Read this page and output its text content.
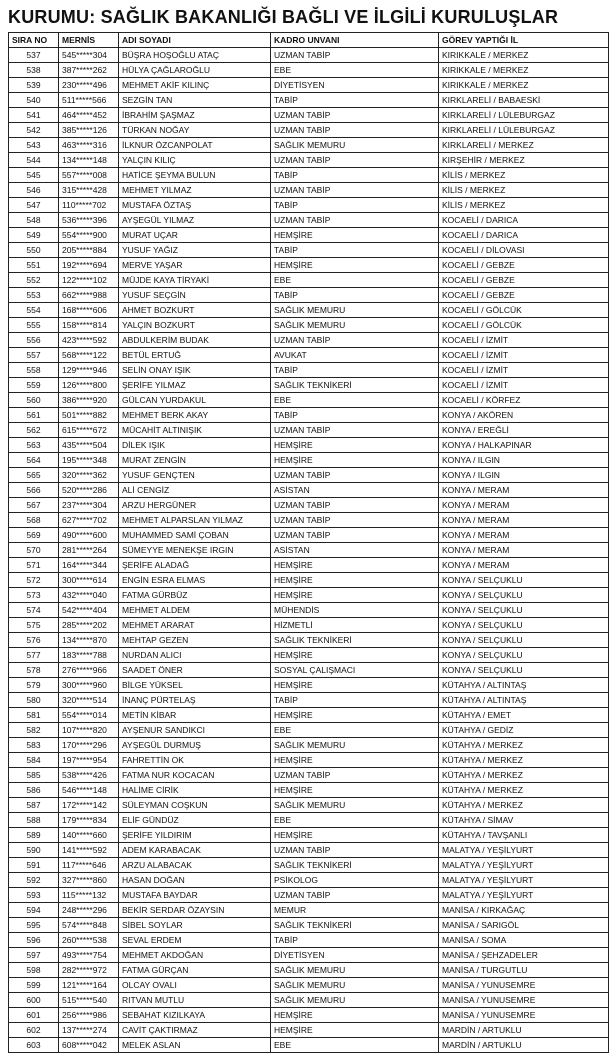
KURUMU: SAĞLIK BAKANLIĞI BAĞLI VE İLGİLİ KURULUŞLAR
SIRA NO	MERNİS	ADI SOYADI	KADRO UNVANI	GÖREV YAPTIĞI İL
537	545*****304	BÜŞRA HOŞOĞLU ATAÇ	UZMAN TABİP	KIRIKKALE / MERKEZ
538	387*****262	HÜLYA ÇAĞLAROĞLU	EBE	KIRIKKALE / MERKEZ
539	230*****496	MEHMET AKİF KILINÇ	DİYETİSYEN	KIRIKKALE / MERKEZ
540	511*****566	SEZGİN TAN	TABİP	KIRKLARELİ / BABAESKİ
541	464*****452	İBRAHİM ŞAŞMAZ	UZMAN TABİP	KIRKLARELİ / LÜLEBURGAZ
542	385*****126	TÜRKAN NOĞAY	UZMAN TABİP	KIRKLARELİ / LÜLEBURGAZ
543	463*****316	İLKNUR ÖZCANPOLAT	SAĞLIK MEMURU	KIRKLARELİ / MERKEZ
544	134*****148	YALÇIN KILIÇ	UZMAN TABİP	KIRŞEHİR / MERKEZ
545	557*****008	HATİCE ŞEYMA BULUN	TABİP	KİLİS / MERKEZ
546	315*****428	MEHMET YILMAZ	UZMAN TABİP	KİLİS / MERKEZ
547	110*****702	MUSTAFA ÖZTAŞ	TABİP	KİLİS / MERKEZ
548	536*****396	AYŞEGÜL YILMAZ	UZMAN TABİP	KOCAELİ / DARICA
549	554*****900	MURAT UÇAR	HEMŞİRE	KOCAELİ / DARICA
550	205*****884	YUSUF YAĞIZ	TABİP	KOCAELİ / DİLOVASI
551	192*****694	MERVE YAŞAR	HEMŞİRE	KOCAELİ / GEBZE
552	122*****102	MÜJDE KAYA TİRYAKİ	EBE	KOCAELİ / GEBZE
553	662*****988	YUSUF SEÇGİN	TABİP	KOCAELİ / GEBZE
554	168*****606	AHMET BOZKURT	SAĞLIK MEMURU	KOCAELİ / GÖLCÜK
555	158*****814	YALÇIN BOZKURT	SAĞLIK MEMURU	KOCAELİ / GÖLCÜK
556	423*****592	ABDULKERİM BUDAK	UZMAN TABİP	KOCAELİ / İZMİT
557	568*****122	BETÜL ERTUĞ	AVUKAT	KOCAELİ / İZMİT
558	129*****946	SELİN ONAY IŞIK	TABİP	KOCAELİ / İZMİT
559	126*****800	ŞERİFE YILMAZ	SAĞLIK TEKNİKERİ	KOCAELİ / İZMİT
560	386*****920	GÜLCAN YURDAKUL	EBE	KOCAELİ / KÖRFEZ
561	501*****882	MEHMET BERK AKAY	TABİP	KONYA / AKÖREN
562	615*****672	MÜCAHİT ALTINIŞIK	UZMAN TABİP	KONYA / EREĞLİ
563	435*****504	DİLEK IŞIK	HEMŞİRE	KONYA / HALKAPINAR
564	195*****348	MURAT ZENGİN	HEMŞİRE	KONYA / ILGIN
565	320*****362	YUSUF GENÇTEN	UZMAN TABİP	KONYA / ILGIN
566	520*****286	ALİ CENGİZ	ASİSTAN	KONYA / MERAM
567	237*****304	ARZU HERGÜNER	UZMAN TABİP	KONYA / MERAM
568	627*****702	MEHMET ALPARSLAN YILMAZ	UZMAN TABİP	KONYA / MERAM
569	490*****600	MUHAMMED SAMİ ÇOBAN	UZMAN TABİP	KONYA / MERAM
570	281*****264	SÜMEYYE MENEKŞE IRGIN	ASİSTAN	KONYA / MERAM
571	164*****344	ŞERİFE ALADAĞ	HEMŞİRE	KONYA / MERAM
572	300*****614	ENGİN ESRA ELMAS	HEMŞİRE	KONYA / SELÇUKLU
573	432*****040	FATMA GÜRBÜZ	HEMŞİRE	KONYA / SELÇUKLU
574	542*****404	MEHMET ALDEM	MÜHENDİS	KONYA / SELÇUKLU
575	285*****202	MEHMET ARARAT	HİZMETLİ	KONYA / SELÇUKLU
576	134*****870	MEHTAP GEZEN	SAĞLIK TEKNİKERİ	KONYA / SELÇUKLU
577	183*****788	NURDAN ALICI	HEMŞİRE	KONYA / SELÇUKLU
578	276*****966	SAADET ÖNER	SOSYAL ÇALIŞMACI	KONYA / SELÇUKLU
579	300*****960	BİLGE YÜKSEL	HEMŞİRE	KÜTAHYA / ALTINTAŞ
580	320*****514	İNANÇ PÜRTELAŞ	TABİP	KÜTAHYA / ALTINTAŞ
581	554*****014	METİN KİBAR	HEMŞİRE	KÜTAHYA / EMET
582	107*****820	AYŞENUR SANDIKCI	EBE	KÜTAHYA / GEDİZ
583	170*****296	AYŞEGÜL DURMUŞ	SAĞLIK MEMURU	KÜTAHYA / MERKEZ
584	197*****954	FAHRETTİN OK	HEMŞİRE	KÜTAHYA / MERKEZ
585	538*****426	FATMA NUR KOCACAN	UZMAN TABİP	KÜTAHYA / MERKEZ
586	546*****148	HALİME CİRİK	HEMŞİRE	KÜTAHYA / MERKEZ
587	172*****142	SÜLEYMAN COŞKUN	SAĞLIK MEMURU	KÜTAHYA / MERKEZ
588	179*****834	ELİF GÜNDÜZ	EBE	KÜTAHYA / SİMAV
589	140*****660	ŞERİFE YILDIRIM	HEMŞİRE	KÜTAHYA / TAVŞANLI
590	141*****592	ADEM KARABACAK	UZMAN TABİP	MALATYA / YEŞİLYURT
591	117*****646	ARZU ALABACAK	SAĞLIK TEKNİKERİ	MALATYA / YEŞİLYURT
592	327*****860	HASAN DOĞAN	PSİKOLOG	MALATYA / YEŞİLYURT
593	115*****132	MUSTAFA BAYDAR	UZMAN TABİP	MALATYA / YEŞİLYURT
594	248*****296	BEKİR SERDAR ÖZAYSIN	MEMUR	MANİSA / KIRKAĞAÇ
595	574*****848	SİBEL SOYLAR	SAĞLIK TEKNİKERİ	MANİSA / SARIGÖL
596	260*****538	SEVAL ERDEM	TABİP	MANİSA / SOMA
597	493*****754	MEHMET AKDOĞAN	DİYETİSYEN	MANİSA / ŞEHZADELER
598	282*****972	FATMA GÜRÇAN	SAĞLIK MEMURU	MANİSA / TURGUTLU
599	121*****164	OLCAY OVALI	SAĞLIK MEMURU	MANİSA / YUNUSEMRE
600	515*****540	RITVAN MUTLU	SAĞLIK MEMURU	MANİSA / YUNUSEMRE
601	256*****986	SEBAHAT KIZILKAYA	HEMŞİRE	MANİSA / YUNUSEMRE
602	137*****274	CAVİT ÇAKTIRMAZ	HEMŞİRE	MARDİN / ARTUKLU
603	608*****042	MELEK ASLAN	EBE	MARDİN / ARTUKLU
